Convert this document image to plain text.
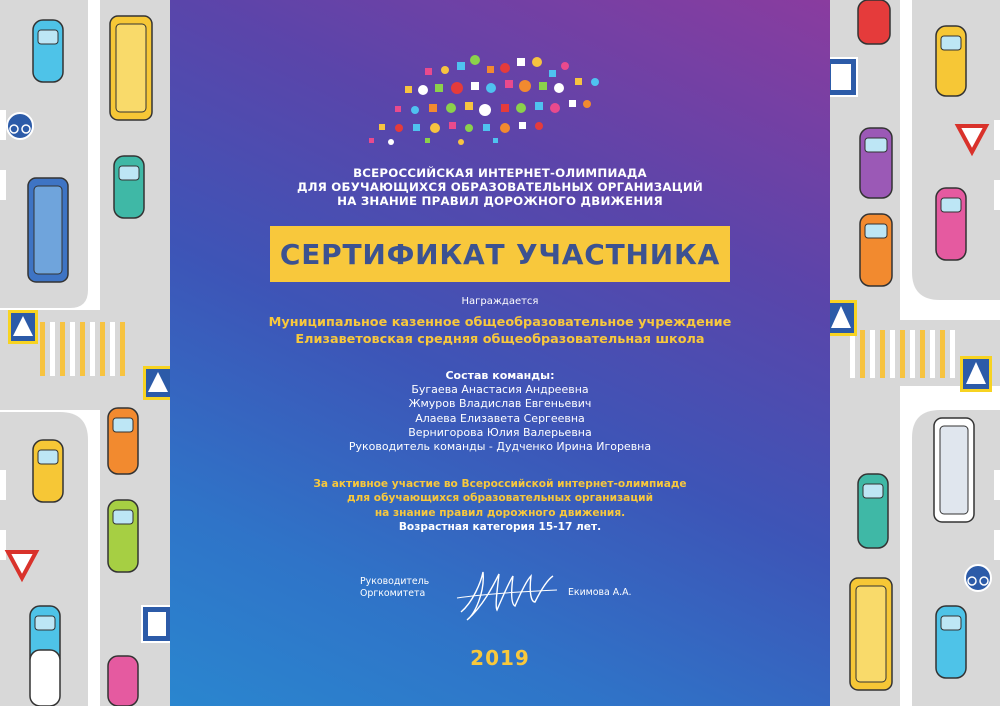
ВСЕРОССИЙСКАЯ ИНТЕРНЕТ-ОЛИМПИАДА
ДЛЯ ОБУЧАЮЩИХСЯ ОБРАЗОВАТЕЛЬНЫХ ОРГАНИЗАЦИЙ
НА ЗНАНИЕ ПРАВИЛ ДОРОЖНОГО ДВИЖЕНИЯ
СЕРТИФИКАТ УЧАСТНИКА
Награждается
Муниципальное казенное общеобразовательное учреждение
Елизаветовская средняя общеобразовательная школа
Состав команды:
Бугаева Анастасия Андреевна
Жмуров Владислав Евгеньевич
Алаева Елизавета Сергеевна
Вернигорова Юлия Валерьевна
Руководитель команды - Дудченко Ирина Игоревна
За активное участие во Всероссийской интернет-олимпиаде
для обучающихся образовательных организаций
на знание правил дорожного движения.
Возрастная категория 15-17 лет.
Руководитель
Оргкомитета	Екимова А.А.
2019
